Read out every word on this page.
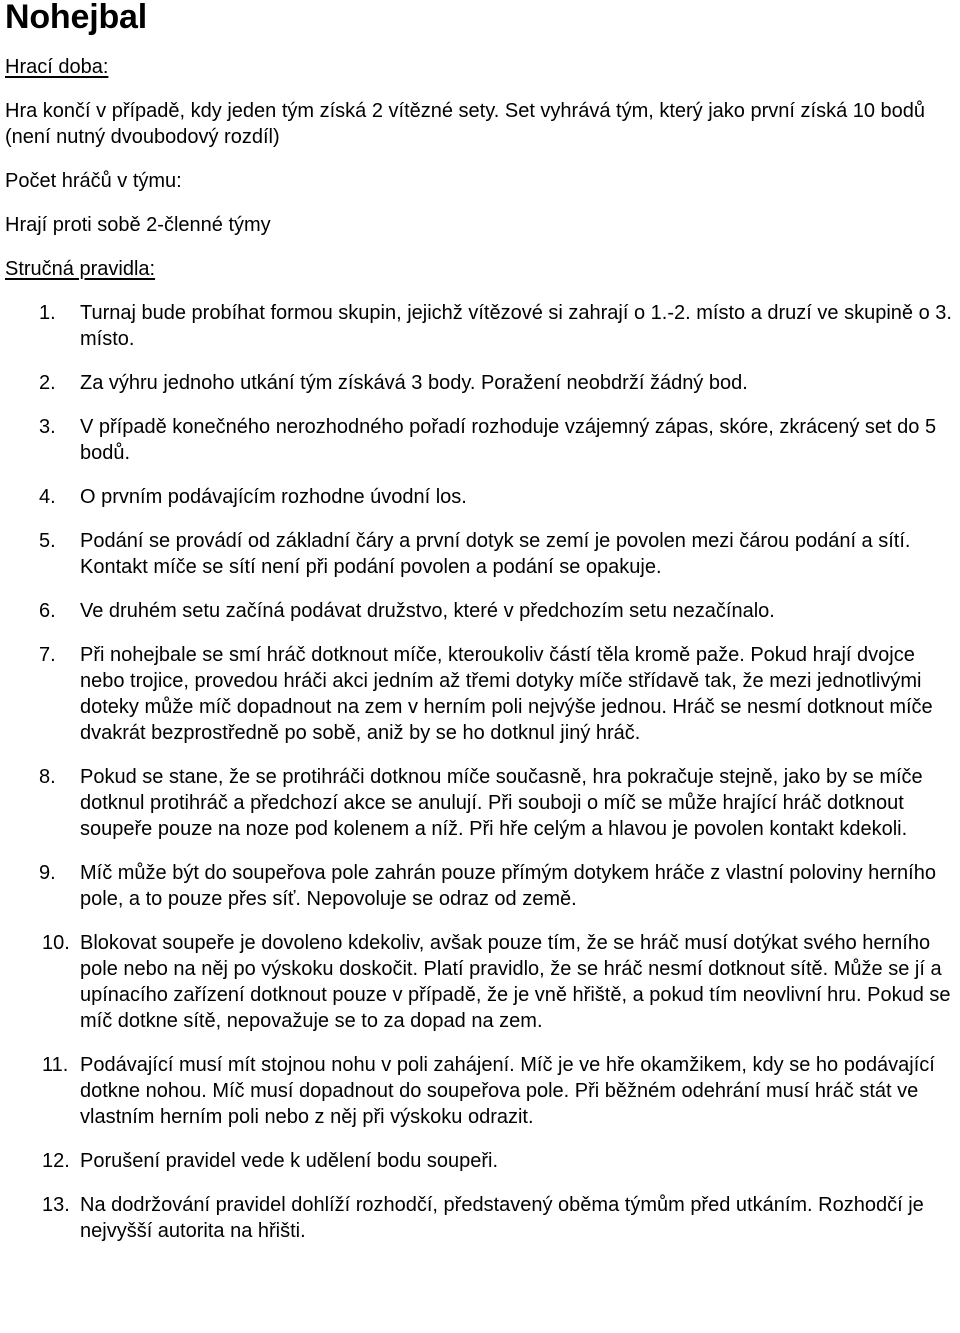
Nohejbal

Hrací doba:

Hra končí v případě, kdy jeden tým získá 2 vítězné sety. Set vyhrává tým, který jako první získá 10 bodů (není nutný dvoubodový rozdíl)

Počet hráčů v týmu:

Hrají proti sobě 2-členné týmy

Stručná pravidla:

1.	Turnaj bude probíhat formou skupin, jejichž vítězové si zahrají o 1.-2. místo a druzí ve skupině o 3. místo.
2.	Za výhru jednoho utkání tým získává 3 body. Poražení neobdrží žádný bod.
3.	V případě konečného nerozhodného pořadí rozhoduje vzájemný zápas, skóre, zkrácený set do 5 bodů.
4.	O prvním podávajícím rozhodne úvodní los.
5.	Podání se provádí od základní čáry a první dotyk se zemí je povolen mezi čárou podání a sítí. Kontakt míče se sítí není při podání povolen a podání se opakuje.
6.	Ve druhém setu začíná podávat družstvo, které v předchozím setu nezačínalo.
7.	Při nohejbale se smí hráč dotknout míče, kteroukoliv částí těla kromě paže. Pokud hrají dvojce nebo trojice, provedou hráči akci jedním až třemi dotyky míče střídavě tak, že mezi jednotlivými doteky může míč dopadnout na zem v herním poli nejvýše jednou. Hráč se nesmí dotknout míče dvakrát bezprostředně po sobě, aniž by se ho dotknul jiný hráč.
8.	Pokud se stane, že se protihráči dotknou míče současně, hra pokračuje stejně, jako by se míče dotknul protihráč a předchozí akce se anulují. Při souboji o míč se může hrající hráč dotknout soupeře pouze na noze pod kolenem a níž. Při hře celým a hlavou je povolen kontakt kdekoli.
9.	Míč může být do soupeřova pole zahrán pouze přímým dotykem hráče z vlastní poloviny herního pole, a to pouze přes síť. Nepovoluje se odraz od země.
10. Blokovat soupeře je dovoleno kdekoliv, avšak pouze tím, že se hráč musí dotýkat svého herního pole nebo na něj po výskoku doskočit. Platí pravidlo, že se hráč nesmí dotknout sítě. Může se jí a upínacího zařízení dotknout pouze v případě, že je vně hřiště, a pokud tím neovlivní hru. Pokud se míč dotkne sítě, nepovažuje se to za dopad na zem.
11. Podávající musí mít stojnou nohu v poli zahájení. Míč je ve hře okamžikem, kdy se ho podávající dotkne nohou. Míč musí dopadnout do soupeřova pole. Při běžném odehrání musí hráč stát ve vlastním herním poli nebo z něj při výskoku odrazit.
12. Porušení pravidel vede k udělení bodu soupeři.
13. Na dodržování pravidel dohlíží rozhodčí, představený oběma týmům před utkáním. Rozhodčí je nejvyšší autorita na hřišti.
